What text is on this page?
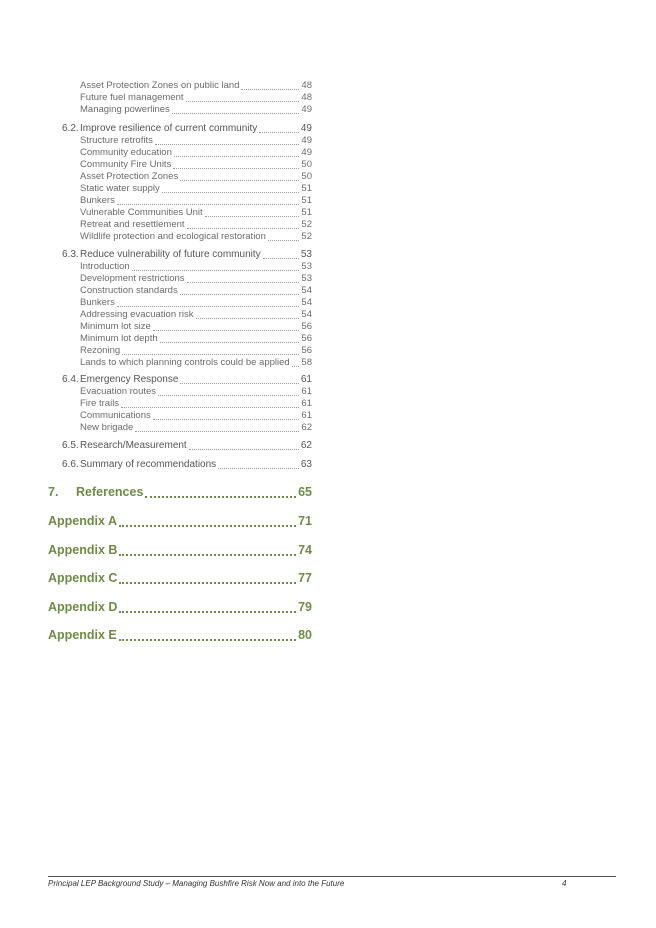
Asset Protection Zones on public land	48
Future fuel management	48
Managing powerlines	49
6.2. Improve resilience of current community	49
Structure retrofits	49
Community education	49
Community Fire Units	50
Asset Protection Zones	50
Static water supply	51
Bunkers	51
Vulnerable Communities Unit	51
Retreat and resettlement	52
Wildlife protection and ecological restoration	52
6.3. Reduce vulnerability of future community	53
Introduction	53
Development restrictions	53
Construction standards	54
Bunkers	54
Addressing evacuation risk	54
Minimum lot size	56
Minimum lot depth	56
Rezoning	56
Lands to which planning controls could be applied 58
6.4. Emergency Response	61
Evacuation routes	61
Fire trails	61
Communications	61
New brigade	62
6.5. Research/Measurement	62
6.6. Summary of recommendations	63
7.	References	65
Appendix A	71
Appendix B	74
Appendix C	77
Appendix D	79
Appendix E	80
Principal LEP Background Study – Managing Bushfire Risk Now and into the Future	4
